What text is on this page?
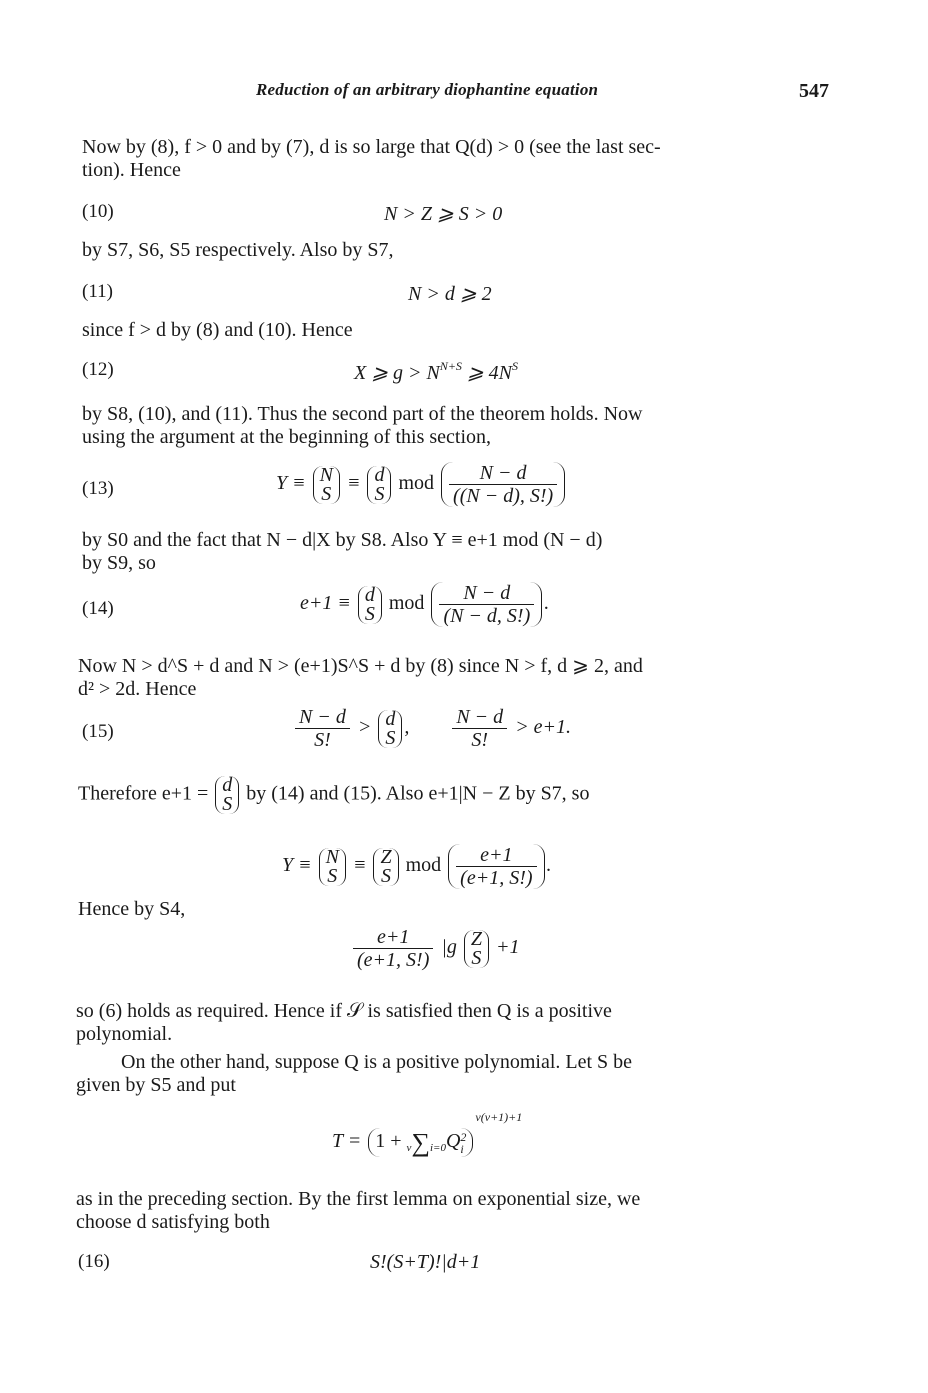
Reduction of an arbitrary diophantine equation	547
Now by (8), f > 0 and by (7), d is so large that Q(d) > 0 (see the last sec-
tion). Hence
(10)	N > Z ⩾ S > 0
by S7, S6, S5 respectively. Also by S7,
(11)	N > d ⩾ 2
since f > d by (8) and (10). Hence
(12)	X ⩾ $g > N^{N+S}$ ⩾ $4N^S$
by S8, (10), and (11). Thus the second part of the theorem holds. Now
using the argument at the beginning of this section,
(13)	Y ≡ N
S ≡ d
S mod $\frac{N - d}{((N - d), S!)}$
by S0 and the fact that N − d|X by S8. Also Y ≡ e+1 mod (N − d)
by S9, so
(14)	e+1 ≡ d
S mod $\frac{N - d}{(N - d, S!)}$ .
Now N > d^S + d and N > (e+1)S^S + d by (8) since N > f, d ⩾ 2, and
d² > 2d. Hence
(15)	$\frac{N - d}{S!} > d$
S , $\frac{N - d}{S!} > e+1$.
Therefore e+1 = d
S by (14) and (15). Also e+1|N − Z by S7, so
Y ≡ N
S ≡ Z
S mod $\frac{e+1}{(e+1, S!)}$ .
Hence by S4,
$\frac{e+1}{(e+1, S!)} |g$ Z
S +1
so (6) holds as required. Hence if 𝒮 is satisfied then Q is a positive
polynomial.
On the other hand, suppose Q is a positive polynomial. Let S be
given by S5 and put
T = 1 + ν∑i=0Q 2
i
$^{\nu(\nu+1)+1}$
as in the preceding section. By the first lemma on exponential size, we
choose d satisfying both
(16)	S!(S+T)!|d+1
